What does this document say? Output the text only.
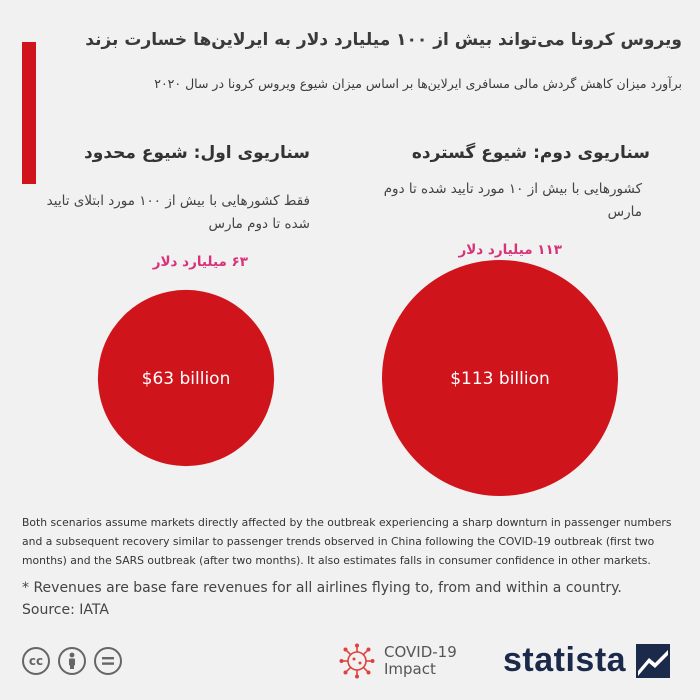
ویروس کرونا می‌تواند بیش از ۱۰۰ میلیارد دلار به ایرلاین‌ها خسارت بزند

برآورد میزان کاهش گردش مالی مسافری ایرلاین‌ها بر اساس میزان شیوع ویروس کرونا در سال ۲۰۲۰

سناریوی اول: شیوع محدود

فقط کشورهایی با بیش از ۱۰۰ مورد ابتلای تایید شده تا دوم مارس

۶۳ میلیارد دلار

سناریوی دوم: شیوع گسترده

کشورهایی با بیش از ۱۰ مورد تایید شده تا دوم مارس

۱۱۳ میلیارد دلار

$63 billion	$113 billion

Both scenarios assume markets directly affected by the outbreak experiencing a sharp downturn in passenger numbers and a subsequent recovery similar to passenger trends observed in China following the COVID-19 outbreak (first two months) and the SARS outbreak (after two months). It also estimates falls in consumer confidence in other markets.

* Revenues are base fare revenues for all airlines flying to, from and within a country.

Source: IATA

cc	COVID-19
Impact	statista
